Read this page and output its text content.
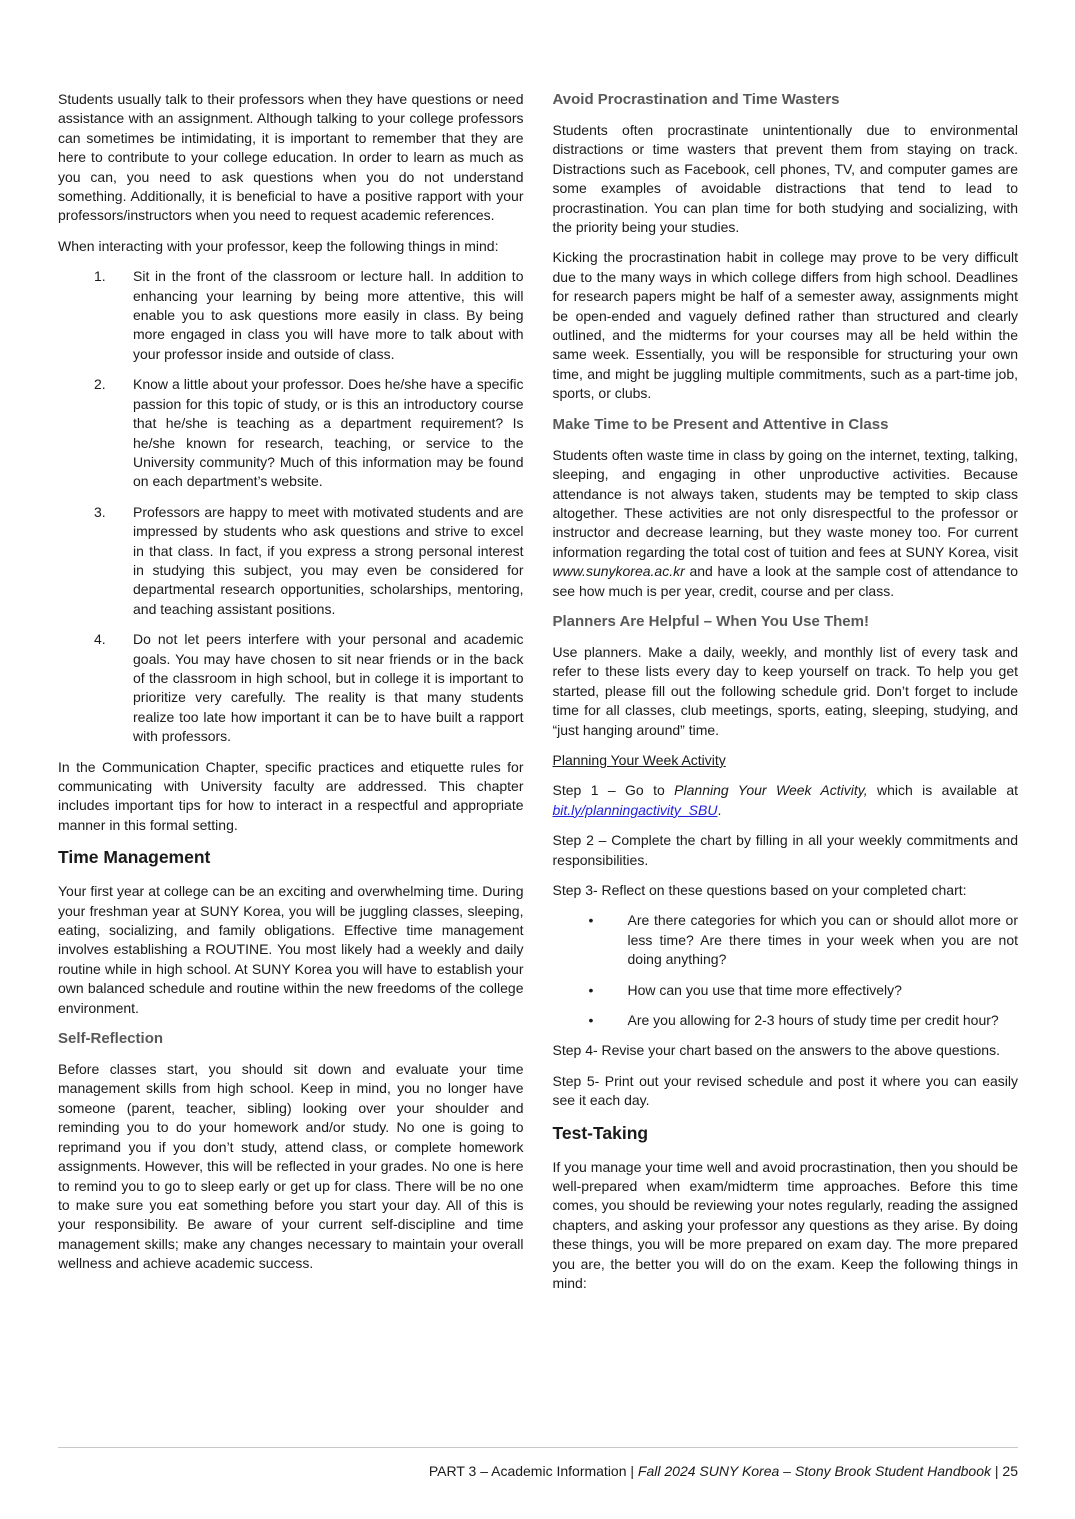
Students usually talk to their professors when they have questions or need assistance with an assignment. Although talking to your college professors can sometimes be intimidating, it is important to remember that they are here to contribute to your college education. In order to learn as much as you can, you need to ask questions when you do not understand something. Additionally, it is beneficial to have a positive rapport with your professors/instructors when you need to request academic references.

When interacting with your professor, keep the following things in mind:

1.	Sit in the front of the classroom or lecture hall. In addition to enhancing your learning by being more attentive, this will enable you to ask questions more easily in class. By being more engaged in class you will have more to talk about with your professor inside and outside of class.
2.	Know a little about your professor. Does he/she have a specific passion for this topic of study, or is this an introductory course that he/she is teaching as a department requirement? Is he/she known for research, teaching, or service to the University community? Much of this information may be found on each department’s website.
3.	Professors are happy to meet with motivated students and are impressed by students who ask questions and strive to excel in that class. In fact, if you express a strong personal interest in studying this subject, you may even be considered for departmental research opportunities, scholarships, mentoring, and teaching assistant positions.
4.	Do not let peers interfere with your personal and academic goals. You may have chosen to sit near friends or in the back of the classroom in high school, but in college it is important to prioritize very carefully. The reality is that many students realize too late how important it can be to have built a rapport with professors.

In the Communication Chapter, specific practices and etiquette rules for communicating with University faculty are addressed. This chapter includes important tips for how to interact in a respectful and appropriate manner in this formal setting.

Time Management

Your first year at college can be an exciting and overwhelming time. During your freshman year at SUNY Korea, you will be juggling classes, sleeping, eating, socializing, and family obligations. Effective time management involves establishing a ROUTINE. You most likely had a weekly and daily routine while in high school. At SUNY Korea you will have to establish your own balanced schedule and routine within the new freedoms of the college environment.

Self-Reflection

Before classes start, you should sit down and evaluate your time management skills from high school. Keep in mind, you no longer have someone (parent, teacher, sibling) looking over your shoulder and reminding you to do your homework and/or study. No one is going to reprimand you if you don’t study, attend class, or complete homework assignments. However, this will be reflected in your grades. No one is here to remind you to go to sleep early or get up for class. There will be no one to make sure you eat something before you start your day. All of this is your responsibility. Be aware of your current self-discipline and time management skills; make any changes necessary to maintain your overall wellness and achieve academic success.

Avoid Procrastination and Time Wasters

Students often procrastinate unintentionally due to environmental distractions or time wasters that prevent them from staying on track. Distractions such as Facebook, cell phones, TV, and computer games are some examples of avoidable distractions that tend to lead to procrastination. You can plan time for both studying and socializing, with the priority being your studies.

Kicking the procrastination habit in college may prove to be very difficult due to the many ways in which college differs from high school. Deadlines for research papers might be half of a semester away, assignments might be open-ended and vaguely defined rather than structured and clearly outlined, and the midterms for your courses may all be held within the same week. Essentially, you will be responsible for structuring your own time, and might be juggling multiple commitments, such as a part-time job, sports, or clubs.

Make Time to be Present and Attentive in Class

Students often waste time in class by going on the internet, texting, talking, sleeping, and engaging in other unproductive activities. Because attendance is not always taken, students may be tempted to skip class altogether. These activities are not only disrespectful to the professor or instructor and decrease learning, but they waste money too. For current information regarding the total cost of tuition and fees at SUNY Korea, visit www.sunykorea.ac.kr and have a look at the sample cost of attendance to see how much is per year, credit, course and per class.

Planners Are Helpful – When You Use Them!

Use planners. Make a daily, weekly, and monthly list of every task and refer to these lists every day to keep yourself on track. To help you get started, please fill out the following schedule grid. Don’t forget to include time for all classes, club meetings, sports, eating, sleeping, studying, and “just hanging around” time.

Planning Your Week Activity

Step 1 – Go to Planning Your Week Activity, which is available at bit.ly/planningactivity_SBU.

Step 2 – Complete the chart by filling in all your weekly commitments and responsibilities.

Step 3- Reflect on these questions based on your completed chart:

•	Are there categories for which you can or should allot more or less time? Are there times in your week when you are not doing anything?
•	How can you use that time more effectively?
•	Are you allowing for 2-3 hours of study time per credit hour?

Step 4- Revise your chart based on the answers to the above questions.

Step 5- Print out your revised schedule and post it where you can easily see it each day.

Test-Taking

If you manage your time well and avoid procrastination, then you should be well-prepared when exam/midterm time approaches. Before this time comes, you should be reviewing your notes regularly, reading the assigned chapters, and asking your professor any questions as they arise. By doing these things, you will be more prepared on exam day. The more prepared you are, the better you will do on the exam. Keep the following things in mind:

PART 3 – Academic Information | Fall 2024 SUNY Korea – Stony Brook Student Handbook | 25
